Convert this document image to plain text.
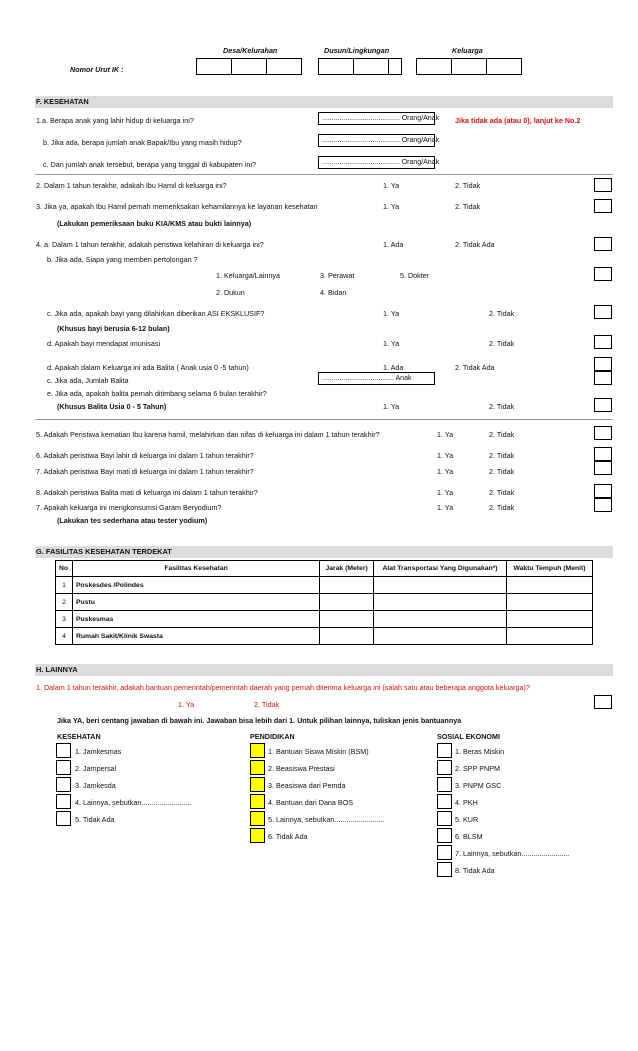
Desa/Kelurahan	Dusun/Lingkungan	Keluarga
Nomor Urut IK :
F. KESEHATAN
1.a. Berapa anak yang lahir hidup di keluarga ini?	........................................ Orang/Anak Jika tidak ada (atau 0), lanjut ke No.2
b. Jika ada, berapa jumlah anak Bapak/Ibu yang masih hidup?	........................................ Orang/Anak
c. Dari jumlah anak tersebut, berapa yang tinggal di kabupaten ini?	........................................ Orang/Anak
2. Dalam 1 tahun terakhir, adakah Ibu Hamil di keluarga ini?	1. Ya	2. Tidak
3. Jika ya, apakah Ibu Hamil pernah memeriksakan kehamilannya ke layanan kesehatan	1. Ya	2. Tidak
(Lakukan pemeriksaan buku KIA/KMS atau bukti lainnya)
4. a. Dalam 1 tahun terakhir, adakah peristiwa kelahiran di keluarga ini?	1. Ada	2. Tidak Ada
b. Jika ada, Siapa yang memberi pertolongan ?
1. Keluarga/Lainnya
2. Dukun
3. Perawat
4. Bidan
5. Dokter
c. Jika ada, apakah bayi yang dilahirkan diberikan ASI EKSKLUSIF?	1. Ya	2. Tidak
(Khusus bayi berusia 6-12 bulan)
d. Apakah bayi mendapat imunisasi	1. Ya	2. Tidak
d. Apakah dalam Keluarga ini ada Balita ( Anak usia 0 -5 tahun)	1. Ada	2. Tidak Ada
c. Jika ada, Jumlah Balita	..................................... Anak
e. Jika ada, apakah balita pernah ditimbang selama 6 bulan terakhir?
(Khusus Balita Usia 0 - 5 Tahun)	1. Ya	2. Tidak
5. Adakah Peristiwa kematian Ibu karena hamil, melahirkan dan nifas di keluarga ini dalam 1 tahun terakhir?	1. Ya	2. Tidak
6. Adakah peristiwa Bayi lahir di keluarga ini dalam 1 tahun terakhir?	1. Ya	2. Tidak
7. Adakah peristiwa Bayi mati di keluarga ini dalam 1 tahun terakhir?	1. Ya	2. Tidak
8. Adakah peristiwa Balita mati di keluarga ini dalam 1 tahun terakhir?	1. Ya	2. Tidak
7. Apakah keluarga ini mengkonsumsi Garam Beryodium?	1. Ya	2. Tidak
(Lakukan tes sederhana atau tester yodium)
G. FASILITAS KESEHATAN TERDEKAT
No	Fasilitas Kesehatan	Jarak (Meter)	Alat Transportasi Yang Digunakan*)	Waktu Tempuh (Menit)
1	Poskesdes /Polindes			
2	Pustu			
3	Puskesmas			
4	Rumah Sakit/Klinik Swasta			
H. LAINNYA
1. Dalam 1 tahun terakhir, adakah bantuan pemerintah/pemerintah daerah yang pernah diterima keluarga ini (salah satu atau beberapa anggota keluarga)?
1. Ya	2. Tidak
Jika YA, beri centang jawaban di bawah ini. Jawaban bisa lebih dari 1. Untuk pilihan lainnya, tuliskan jenis bantuannya
KESEHATAN	PENDIDIKAN	SOSIAL EKONOMI
1. Jamkesmas
2. Jampersal
3. Jamkesda
4. Lainnya, sebutkan.........................
5. Tidak Ada
1. Bantuan Siswa Miskin (BSM)
2. Beasiswa Prestasi
3. Beasiswa dari Pemda
4. Bantuan dari Dana BOS
5. Lainnya, sebutkan.........................
6. Tidak Ada
1. Beras Miskin
2. SPP PNPM
3. PNPM GSC
4. PKH
5. KUR
6. BLSM
7. Lainnya, sebutkan........................
8. Tidak Ada
